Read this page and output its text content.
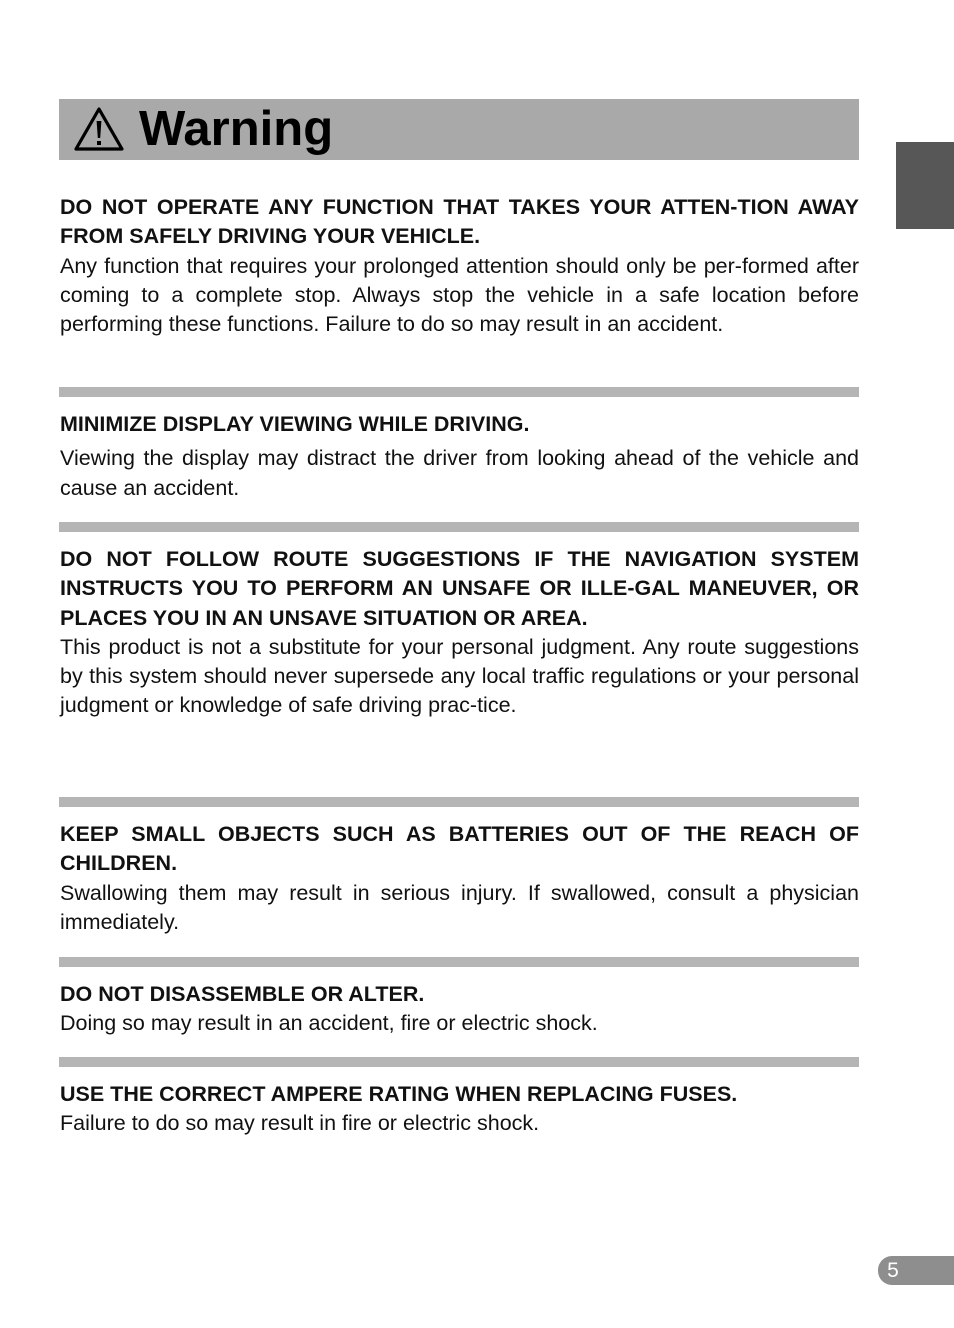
Warning

DO NOT OPERATE ANY FUNCTION THAT TAKES YOUR ATTEN-TION AWAY FROM SAFELY DRIVING YOUR VEHICLE.

Any function that requires your prolonged attention should only be per-formed after coming to a complete stop. Always stop the vehicle in a safe location before performing these functions. Failure to do so may result in an accident.

MINIMIZE DISPLAY VIEWING WHILE DRIVING.

Viewing the display may distract the driver from looking ahead of the vehicle and cause an accident.

DO NOT FOLLOW ROUTE SUGGESTIONS IF THE NAVIGATION SYSTEM INSTRUCTS YOU TO PERFORM AN UNSAFE OR ILLE-GAL MANEUVER, OR PLACES YOU IN AN UNSAVE SITUATION OR AREA.

This product is not a substitute for your personal judgment. Any route suggestions by this system should never supersede any local traffic regulations or your personal judgment or knowledge of safe driving prac-tice.

KEEP SMALL OBJECTS SUCH AS BATTERIES OUT OF THE REACH OF CHILDREN.

Swallowing them may result in serious injury. If swallowed, consult a physician immediately.

DO NOT DISASSEMBLE OR ALTER.

Doing so may result in an accident, fire or electric shock.

USE THE CORRECT AMPERE RATING WHEN REPLACING FUSES.

Failure to do so may result in fire or electric shock.

5
